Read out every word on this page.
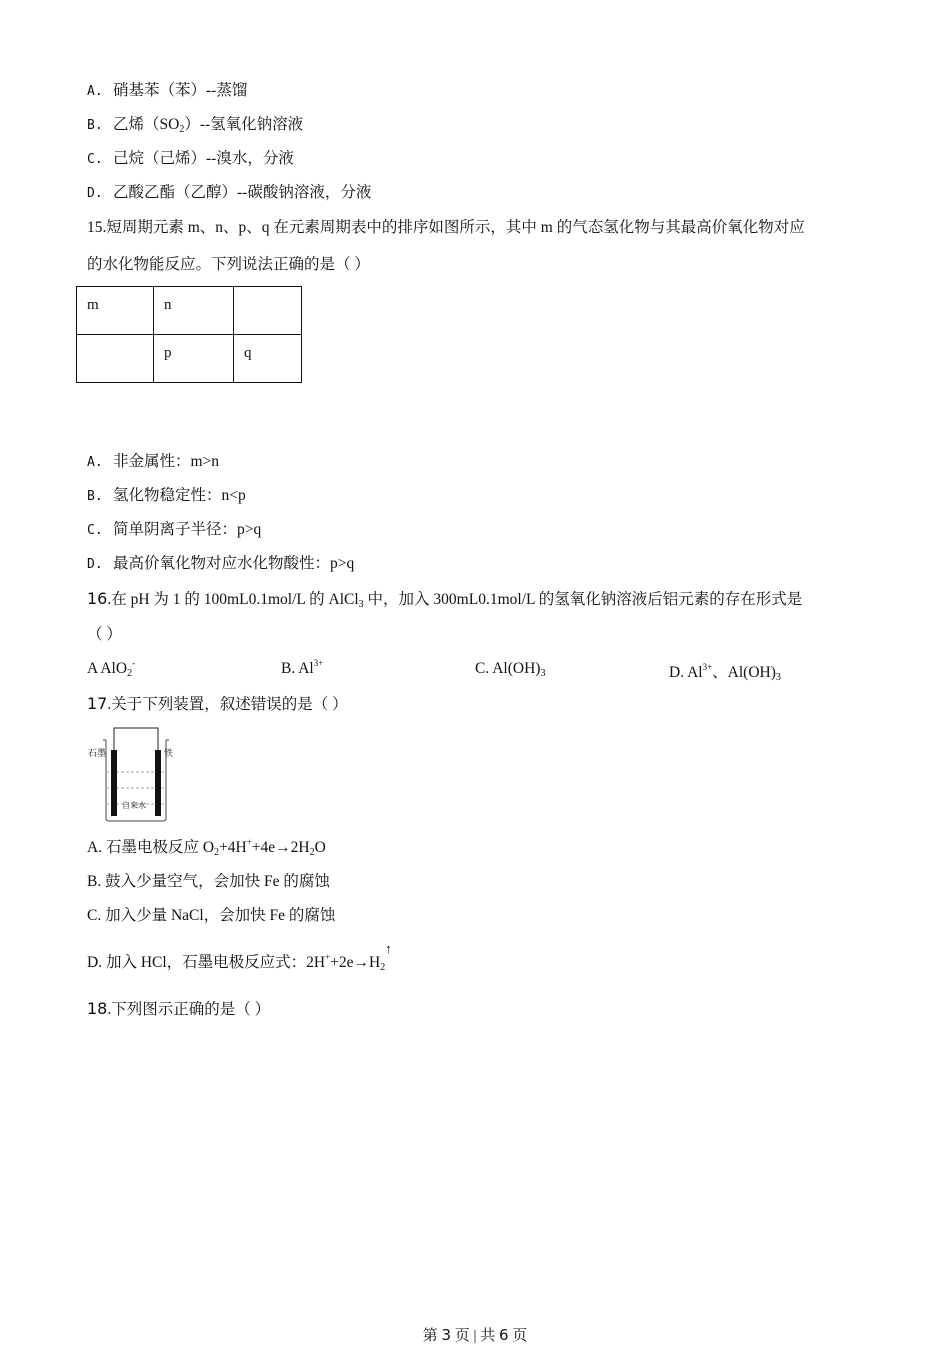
A. 硝基苯（苯）--蒸馏
B. 乙烯$(SO_2)--$氢氧化钠溶液
C. 己烷（己烯）--溴水，分液
D. 乙酸乙酯（乙醇）--碳酸钠溶液，分液
15.短周期元素 m、n、p、q 在元素周期表中的排序如图所示，其中 m 的气态氢化物与其最高价氧化物对应
的水化物能反应。下列说法正确的是（ ）
m	n	
	p	q
A. 非金属性：m>n
B. 氢化物稳定性：n<p
C. 简单阴离子半径：p>q
D. 最高价氧化物对应水化物酸性：p>q
16.在 pH 为 1 的 100mL0.1mol/L 的 AlCl$_3$ 中，加入 300mL0.1mol/L 的氢氧化钠溶液后铝元素的存在形式是
（ ）
A AlO$_2$-	B. $Al^{3+}$	C. $Al(OH)_3$	D. $Al^{3+}$、$Al(OH)_3$
17.关于下列装置，叙述错误的是（ ）
石墨	铁
自来水
A. 石墨电极反应 $O_2+4H^++4e\to 2H_2O$
B. 鼓入少量空气，会加快 Fe 的腐蚀
C. 加入少量 NaCl，会加快 Fe 的腐蚀
D. 加入 HCl，石墨电极反应式：$2H^++2e\to H_2^↑$
18.下列图示正确的是（ ）
第 3 页 | 共 6 页
